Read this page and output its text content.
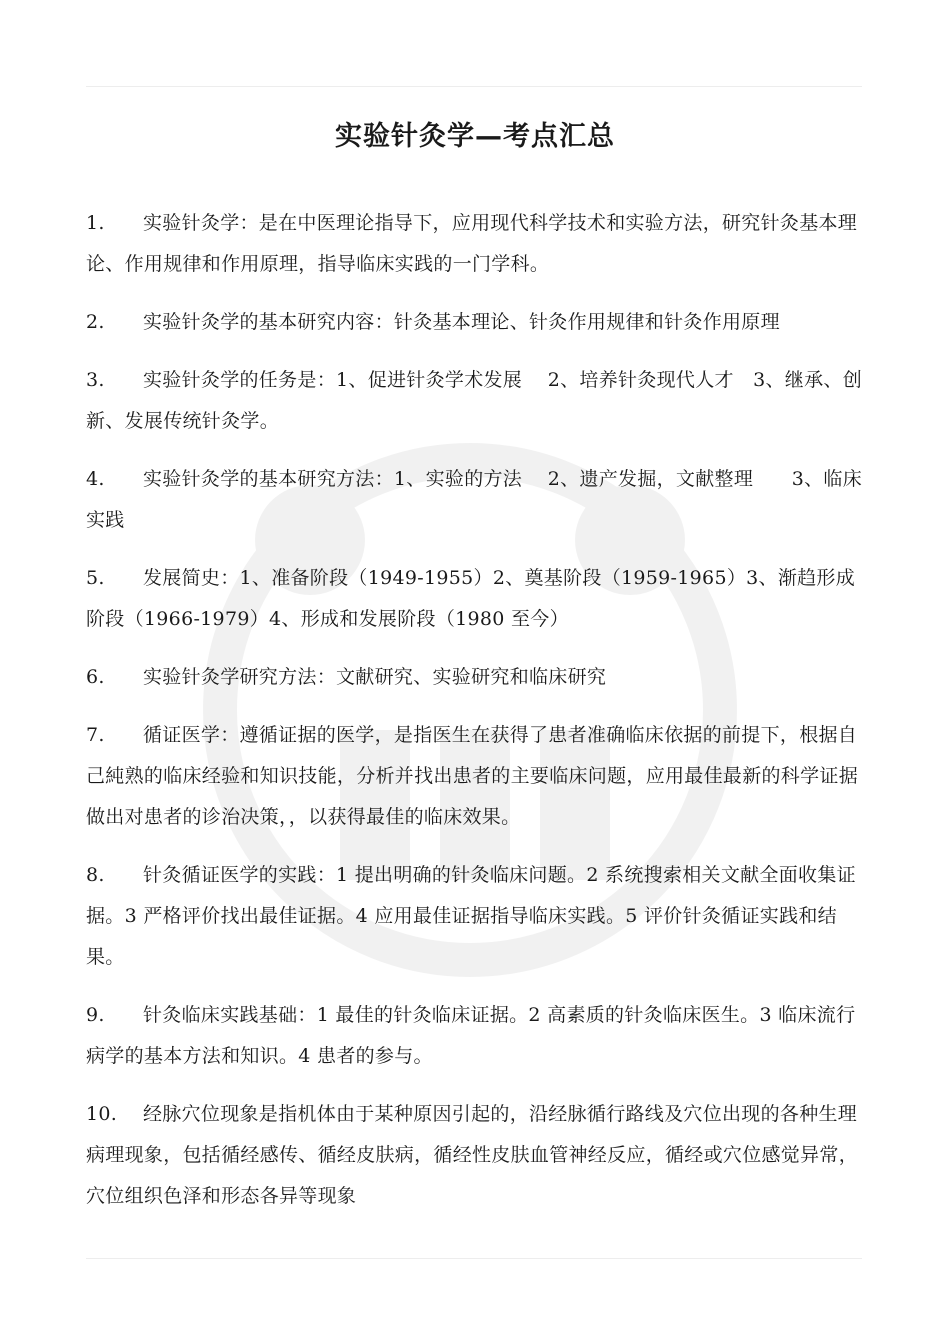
实验针灸学—考点汇总

1. 实验针灸学：是在中医理论指导下，应用现代科学技术和实验方法，研究针灸基本理论、作用规律和作用原理，指导临床实践的一门学科。

2. 实验针灸学的基本研究内容：针灸基本理论、针灸作用规律和针灸作用原理

3. 实验针灸学的任务是：1、促进针灸学术发展　 2、培养针灸现代人才　3、继承、创新、发展传统针灸学。

4. 实验针灸学的基本研究方法：1、实验的方法　 2、遗产发掘，文献整理　　3、临床实践

5. 发展简史：1、准备阶段（1949-1955）2、奠基阶段（1959-1965）3、渐趋形成阶段（1966-1979）4、形成和发展阶段（1980 至今）

6. 实验针灸学研究方法：文献研究、实验研究和临床研究

7. 循证医学：遵循证据的医学，是指医生在获得了患者准确临床依据的前提下，根据自己純熟的临床经验和知识技能，分析并找出患者的主要临床问题，应用最佳最新的科学证据做出对患者的诊治决策，，以获得最佳的临床效果。

8. 针灸循证医学的实践：1 提出明确的针灸临床问题。2 系统搜索相关文献全面收集证据。3 严格评价找出最佳证据。4 应用最佳证据指导临床实践。5 评价针灸循证实践和结果。

9. 针灸临床实践基础：1 最佳的针灸临床证据。2 高素质的针灸临床医生。3 临床流行病学的基本方法和知识。4 患者的参与。

10. 经脉穴位现象是指机体由于某种原因引起的，沿经脉循行路线及穴位出现的各种生理病理现象，包括循经感传、循经皮肤病，循经性皮肤血管神经反应，循经或穴位感觉异常，穴位组织色泽和形态各异等现象
